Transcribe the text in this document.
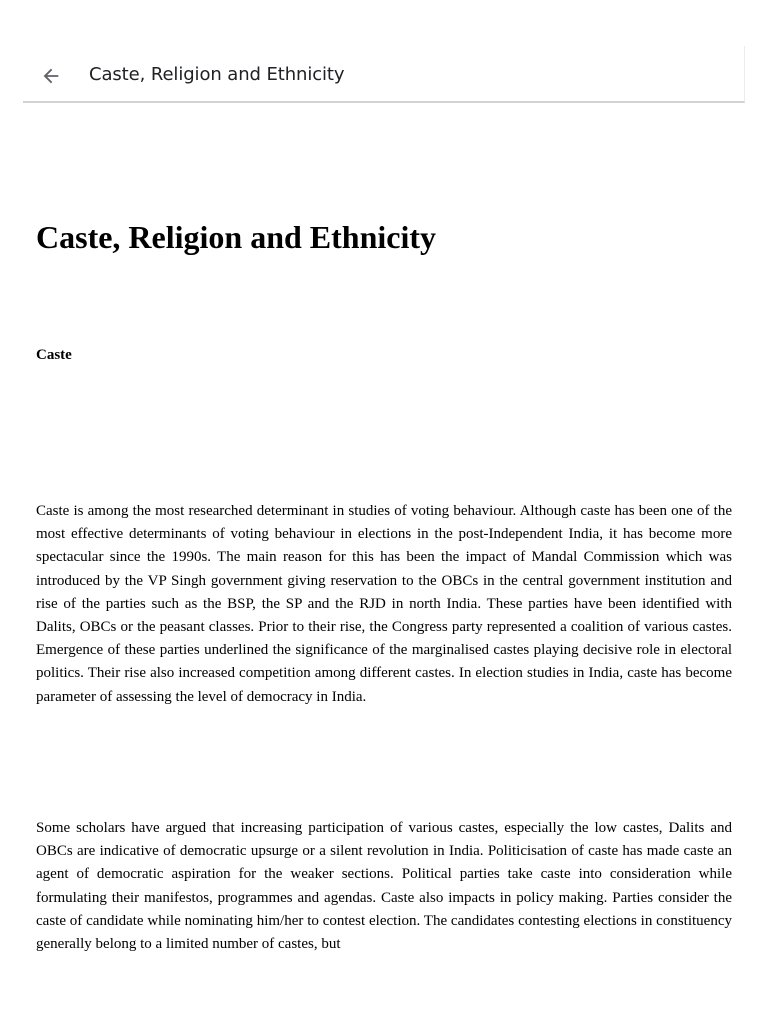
Caste, Religion and Ethnicity
Caste, Religion and Ethnicity
Caste

Caste is among the most researched determinant in studies of voting behaviour. Although caste has been one of the most effective determinants of voting behaviour in elections in the post-Independent India, it has become more spectacular since the 1990s. The main reason for this has been the impact of Mandal Commission which was introduced by the VP Singh government giving reservation to the OBCs in the central government institution and rise of the parties such as the BSP, the SP and the RJD in north India. These parties have been identified with Dalits, OBCs or the peasant classes. Prior to their rise, the Congress party represented a coalition of various castes. Emergence of these parties underlined the significance of the marginalised castes playing decisive role in electoral politics. Their rise also increased competition among different castes. In election studies in India, caste has become parameter of assessing the level of democracy in India.

Some scholars have argued that increasing participation of various castes, especially the low castes, Dalits and OBCs are indicative of democratic upsurge or a silent revolution in India. Politicisation of caste has made caste an agent of democratic aspiration for the weaker sections. Political parties take caste into consideration while formulating their manifestos, programmes and agendas. Caste also impacts in policy making. Parties consider the caste of candidate while nominating him/her to contest election. The candidates contesting elections in constituency generally belong to a limited number of castes, but
